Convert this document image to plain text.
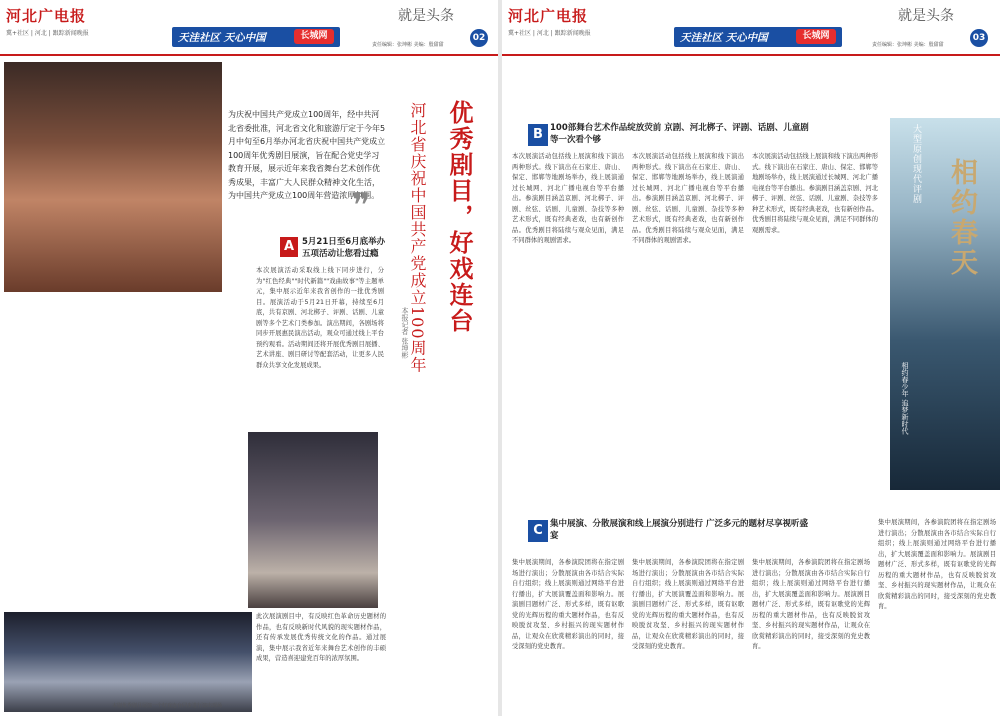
河北广电报
冀+社区 | 河北 | 跟踪新闻晚报	天洼社区 天心中国	长城网
就是头条
02
责任编辑：张坤彬 美编：殷甜甜
为庆祝中国共产党成立100周年，经中共河北省委批准，河北省文化和旅游厅定于今年5月中旬至6月举办河北省庆祝中国共产党成立100周年优秀剧目展演，旨在配合党史学习教育开展，展示近年来我省舞台艺术创作优秀成果，丰富广大人民群众精神文化生活，为中国共产党成立100周年营造浓厚氛围。
❞	优秀剧目，好戏连台
河北省庆祝中国共产党成立100周年
本报记者 张坤彬
A 5月21日至6月底举办五项活动让您看过瘾
本次展演活动采取线上线下同步进行，分为"红色经典""时代新篇""戏曲故事"等主题单元，集中展示近年来我省创作的一批优秀剧目。展演活动于5月21日开幕，持续至6月底，共有京剧、河北梆子、评剧、话剧、儿童剧等多个艺术门类参加。演出期间，各剧场将同步开展惠民演出活动，观众可通过线上平台预约观看。活动期间还将开展优秀剧目展播、艺术讲座、剧目研讨等配套活动，让更多人民群众共享文化发展成果。
此次展演剧目中，有反映红色革命历史题材的作品，也有反映新时代风貌的现实题材作品，还有传承发展优秀传统文化的作品。通过展演，集中展示我省近年来舞台艺术创作的丰硕成果，营造喜迎建党百年的浓厚氛围。
本剧优秀剧目展演一个好戏连台同步进行演出现场
河北广电报
冀+社区 | 河北 | 跟踪新闻晚报	天洼社区 天心中国	长城网
就是头条
03
责任编辑：张坤彬 美编：殷甜甜
B 100部舞台艺术作品绽放荧前 京剧、河北梆子、评剧、话剧、儿童剧等一次看个够
本次展演活动包括线上展演和线下演出两种形式。线下演出在石家庄、唐山、保定、邯郸等地剧场举办，线上展演通过长城网、河北广播电视台等平台播出。参演剧目涵盖京剧、河北梆子、评剧、丝弦、话剧、儿童剧、杂技等多种艺术形式，既有经典老戏，也有新创作品。优秀剧目将陆续与观众见面，满足不同群体的观剧需求。
本次展演活动包括线上展演和线下演出两种形式。线下演出在石家庄、唐山、保定、邯郸等地剧场举办，线上展演通过长城网、河北广播电视台等平台播出。参演剧目涵盖京剧、河北梆子、评剧、丝弦、话剧、儿童剧、杂技等多种艺术形式，既有经典老戏，也有新创作品。优秀剧目将陆续与观众见面，满足不同群体的观剧需求。
本次展演活动包括线上展演和线下演出两种形式。线下演出在石家庄、唐山、保定、邯郸等地剧场举办，线上展演通过长城网、河北广播电视台等平台播出。参演剧目涵盖京剧、河北梆子、评剧、丝弦、话剧、儿童剧、杂技等多种艺术形式，既有经典老戏，也有新创作品。优秀剧目将陆续与观众见面，满足不同群体的观剧需求。	相约春天
大型原创现代评剧
相约春少年 追梦新时代
C 集中展演、分散展演和线上展演分别进行 广泛多元的题材尽享视听盛宴
集中展演期间，各参演院团将在指定剧场进行演出；分散展演由各市结合实际自行组织；线上展演则通过网络平台进行播出，扩大展演覆盖面和影响力。展演剧目题材广泛、形式多样，既有讴歌党的光辉历程的重大题材作品，也有反映脱贫攻坚、乡村振兴的现实题材作品，让观众在欣赏精彩演出的同时，接受深刻的党史教育。
集中展演期间，各参演院团将在指定剧场进行演出；分散展演由各市结合实际自行组织；线上展演则通过网络平台进行播出，扩大展演覆盖面和影响力。展演剧目题材广泛、形式多样，既有讴歌党的光辉历程的重大题材作品，也有反映脱贫攻坚、乡村振兴的现实题材作品，让观众在欣赏精彩演出的同时，接受深刻的党史教育。
集中展演期间，各参演院团将在指定剧场进行演出；分散展演由各市结合实际自行组织；线上展演则通过网络平台进行播出，扩大展演覆盖面和影响力。展演剧目题材广泛、形式多样，既有讴歌党的光辉历程的重大题材作品，也有反映脱贫攻坚、乡村振兴的现实题材作品，让观众在欣赏精彩演出的同时，接受深刻的党史教育。
集中展演期间，各参演院团将在指定剧场进行演出；分散展演由各市结合实际自行组织；线上展演则通过网络平台进行播出，扩大展演覆盖面和影响力。展演剧目题材广泛、形式多样，既有讴歌党的光辉历程的重大题材作品，也有反映脱贫攻坚、乡村振兴的现实题材作品，让观众在欣赏精彩演出的同时，接受深刻的党史教育。
